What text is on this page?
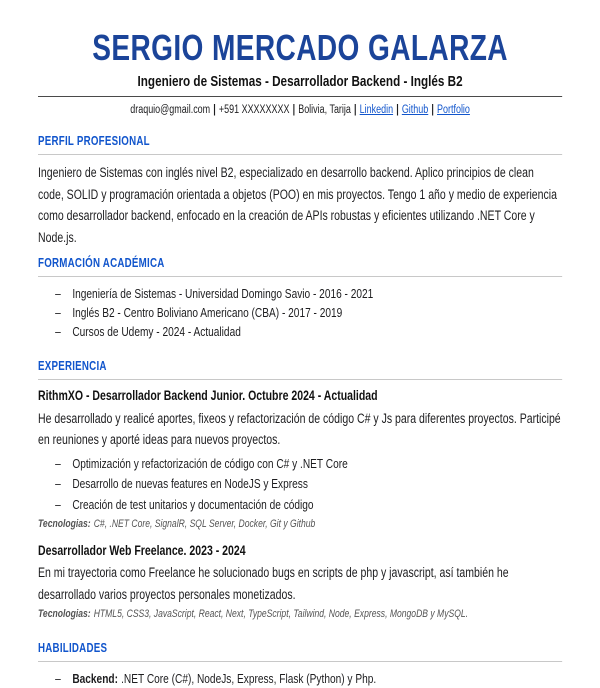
SERGIO MERCADO GALARZA
Ingeniero de Sistemas - Desarrollador Backend - Inglés B2
draquio@gmail.com | +591 XXXXXXXX | Bolivia, Tarija | Linkedin | Github | Portfolio
PERFIL PROFESIONAL

Ingeniero de Sistemas con inglés nivel B2, especializado en desarrollo backend. Aplico principios de clean code, SOLID y programación orientada a objetos (POO) en mis proyectos. Tengo 1 año y medio de experiencia como desarrollador backend, enfocado en la creación de APIs robustas y eficientes utilizando .NET Core y Node.js.

FORMACIÓN ACADÉMICA
– Ingeniería de Sistemas - Universidad Domingo Savio - 2016 - 2021
– Inglés B2 - Centro Boliviano Americano (CBA) - 2017 - 2019
– Cursos de Udemy - 2024 - Actualidad
EXPERIENCIA
RithmXO - Desarrollador Backend Junior. Octubre 2024 - Actualidad

He desarrollado y realicé aportes, fixeos y refactorización de código C# y Js para diferentes proyectos. Participé en reuniones y aporté ideas para nuevos proyectos.

– Optimización y refactorización de código con C# y .NET Core
– Desarrollo de nuevas features en NodeJS y Express
– Creación de test unitarios y documentación de código
Tecnologias: C#, .NET Core, SignalR, SQL Server, Docker, Git y Github
Desarrollador Web Freelance. 2023 - 2024

En mi trayectoria como Freelance he solucionado bugs en scripts de php y javascript, así también he desarrollado varios proyectos personales monetizados.

Tecnologias: HTML5, CSS3, JavaScript, React, Next, TypeScript, Tailwind, Node, Express, MongoDB y MySQL.
HABILIDADES
– Backend: .NET Core (C#), NodeJs, Express, Flask (Python) y Php.
